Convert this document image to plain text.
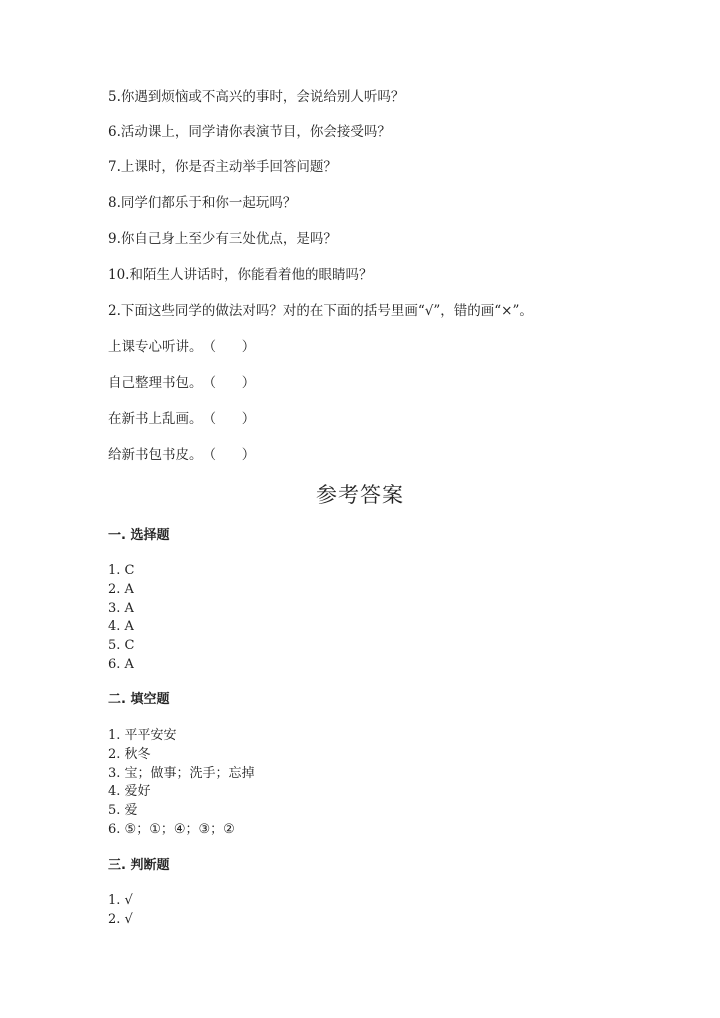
5.你遇到烦恼或不高兴的事时，会说给别人听吗？
6.活动课上，同学请你表演节目，你会接受吗？
7.上课时，你是否主动举手回答问题？
8.同学们都乐于和你一起玩吗？
9.你自己身上至少有三处优点，是吗？
10.和陌生人讲话时，你能看着他的眼睛吗？
2.下面这些同学的做法对吗？对的在下面的括号里画“√”，错的画“×”。
上课专心听讲。（      ）
自己整理书包。（      ）
在新书上乱画。（      ）
给新书包书皮。（      ）
参考答案
一. 选择题
1. C
2. A
3. A
4. A
5. C
6. A
二. 填空题
1. 平平安安
2. 秋冬
3. 宝；做事；洗手；忘掉
4. 爱好
5. 爱
6. ⑤；①；④；③；②
三. 判断题
1. √
2. √
